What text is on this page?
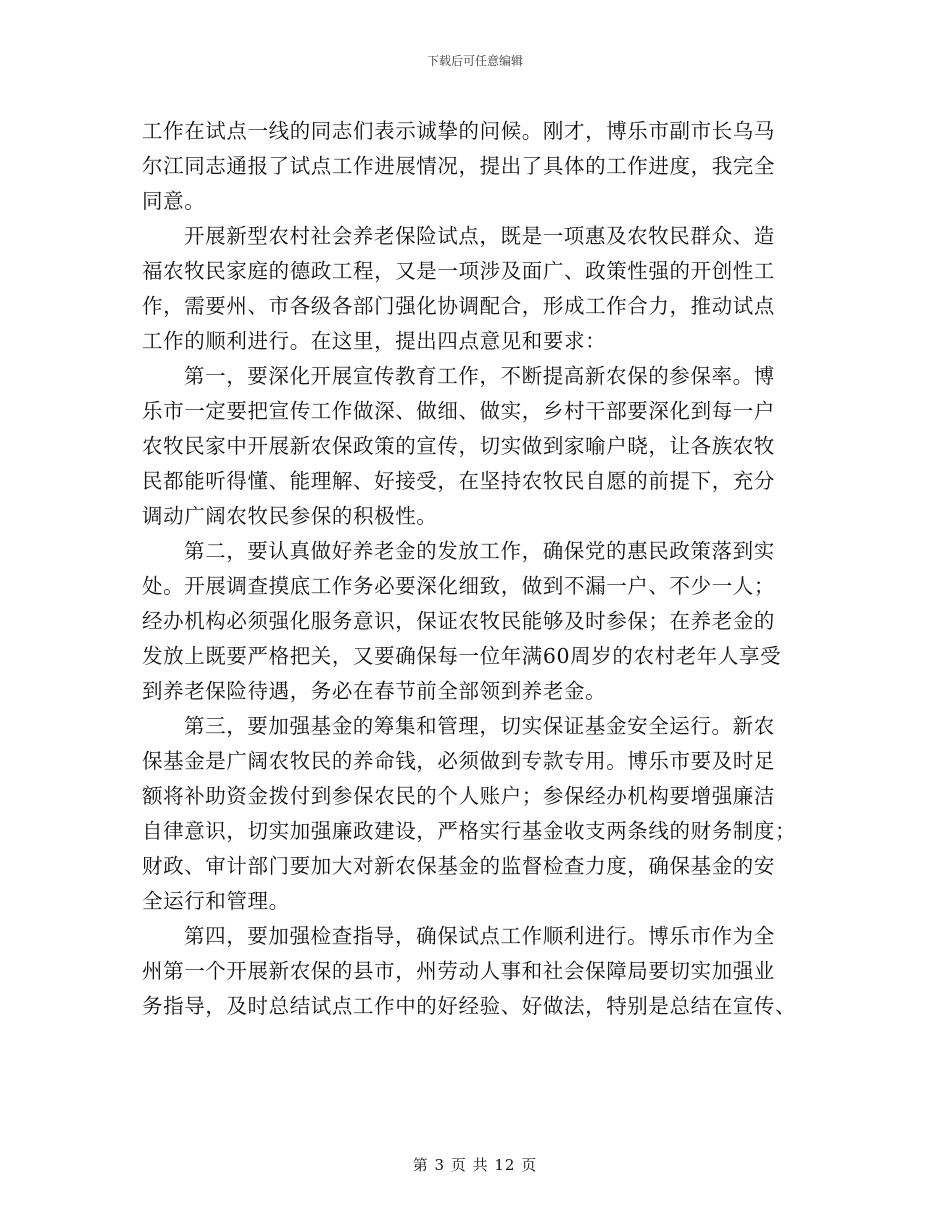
下载后可任意编辑
工作在试点一线的同志们表示诚挚的问候。刚才，博乐市副市长乌马
尔江同志通报了试点工作进展情况，提出了具体的工作进度，我完全
同意。
开展新型农村社会养老保险试点，既是一项惠及农牧民群众、造
福农牧民家庭的德政工程，又是一项涉及面广、政策性强的开创性工
作，需要州、市各级各部门强化协调配合，形成工作合力，推动试点
工作的顺利进行。在这里，提出四点意见和要求：
第一，要深化开展宣传教育工作，不断提高新农保的参保率。博
乐市一定要把宣传工作做深、做细、做实，乡村干部要深化到每一户
农牧民家中开展新农保政策的宣传，切实做到家喻户晓，让各族农牧
民都能听得懂、能理解、好接受，在坚持农牧民自愿的前提下，充分
调动广阔农牧民参保的积极性。
第二，要认真做好养老金的发放工作，确保党的惠民政策落到实
处。开展调查摸底工作务必要深化细致，做到不漏一户、不少一人；
经办机构必须强化服务意识，保证农牧民能够及时参保；在养老金的
发放上既要严格把关，又要确保每一位年满60周岁的农村老年人享受
到养老保险待遇，务必在春节前全部领到养老金。
第三，要加强基金的筹集和管理，切实保证基金安全运行。新农
保基金是广阔农牧民的养命钱，必须做到专款专用。博乐市要及时足
额将补助资金拨付到参保农民的个人账户；参保经办机构要增强廉洁
自律意识，切实加强廉政建设，严格实行基金收支两条线的财务制度；
财政、审计部门要加大对新农保基金的监督检查力度，确保基金的安
全运行和管理。
第四，要加强检查指导，确保试点工作顺利进行。博乐市作为全
州第一个开展新农保的县市，州劳动人事和社会保障局要切实加强业
务指导，及时总结试点工作中的好经验、好做法，特别是总结在宣传、
第 3 页 共 12 页
